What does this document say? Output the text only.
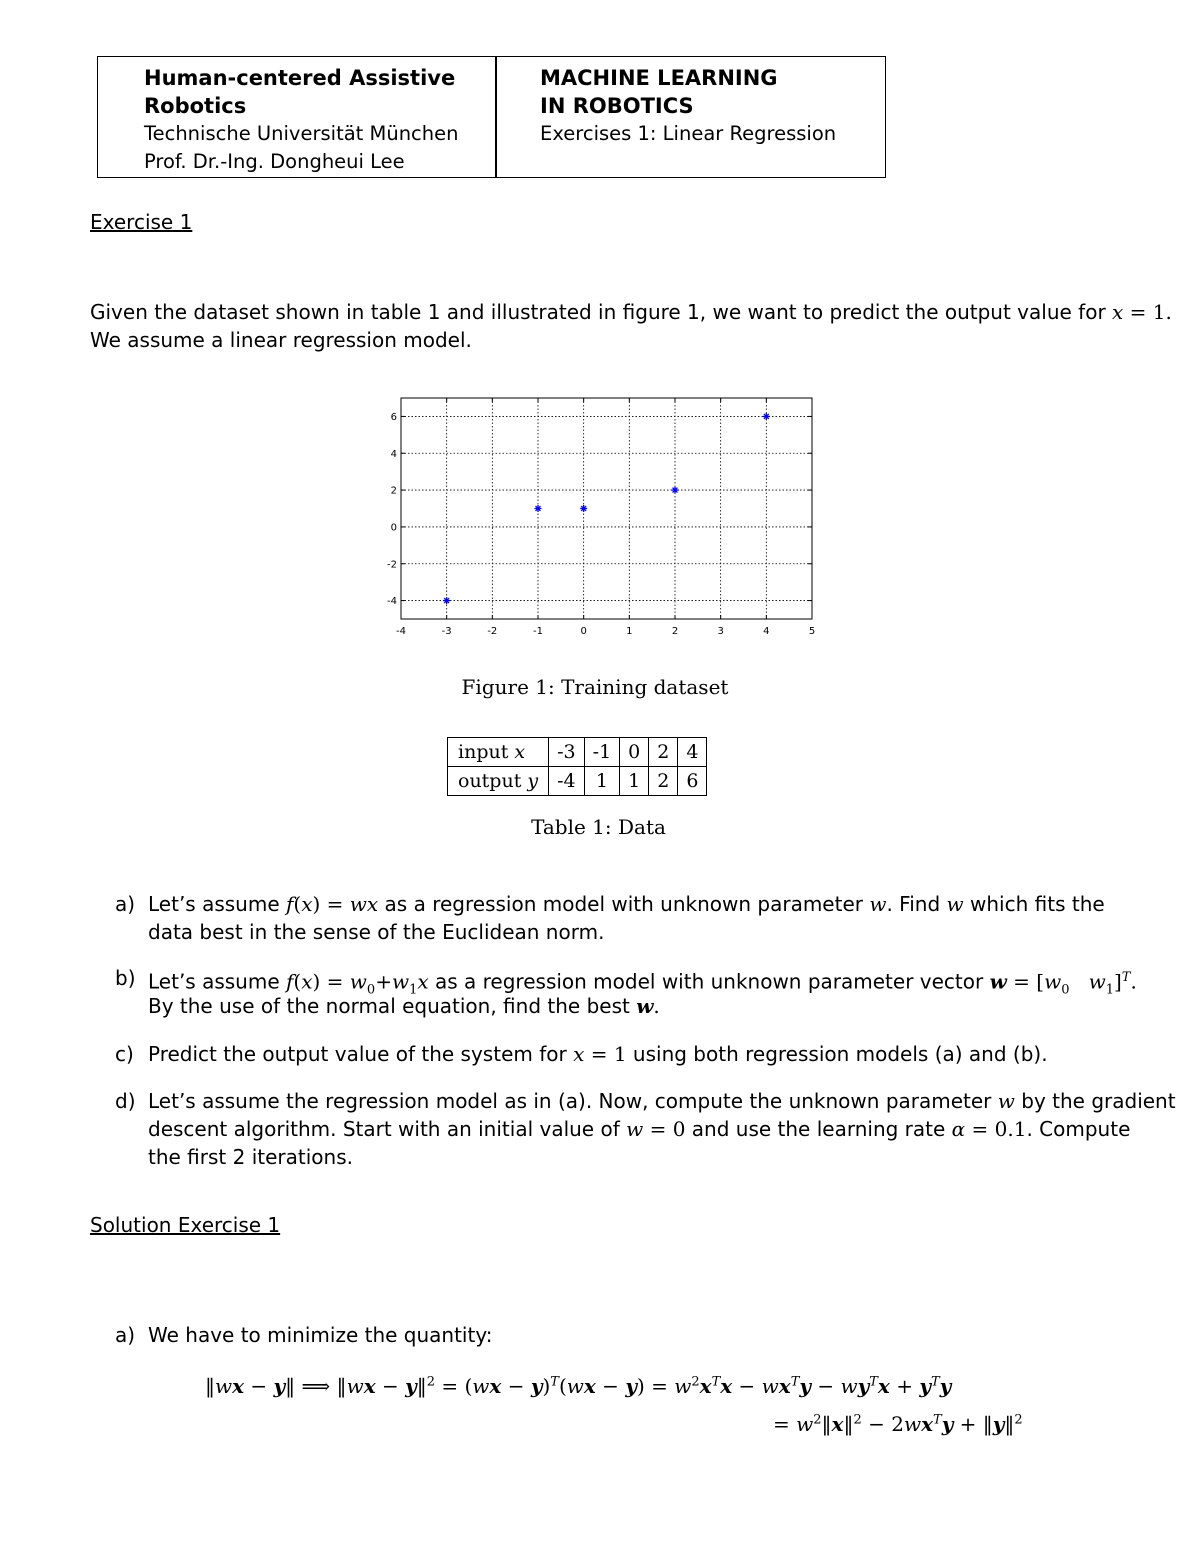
Human-centered Assistive
Robotics
Technische Universität München
Prof. Dr.-Ing. Dongheui Lee
MACHINE LEARNING
IN ROBOTICS
Exercises 1: Linear Regression
Exercise 1
Given the dataset shown in table 1 and illustrated in figure 1, we want to predict the output value for x = 1.
We assume a linear regression model.
-4	-3	-2	-1	0	1	2	3	4	5
-4
-2
0
2
4
6
Figure 1: Training dataset
input x	-3	-1	0	2	4
output y	-4	1	1	2	6
Table 1: Data
a) Let’s assume f(x) = wx as a regression model with unknown parameter w. Find w which fits the
data best in the sense of the Euclidean norm.
b) Let’s assume $f(x) = w_0+w_1x$ as a regression model with unknown parameter vector $w = [w_0$ $w_1]^T$.
By the use of the normal equation, find the best w.
c) Predict the output value of the system for x = 1 using both regression models (a) and (b).
d) Let’s assume the regression model as in (a). Now, compute the unknown parameter w by the gradient
descent algorithm. Start with an initial value of w = 0 and use the learning rate α = 0.1. Compute
the first 2 iterations.
Solution Exercise 1
a) We have to minimize the quantity:
‖wx − y‖ ⟹ ‖wx − y‖$^2$ = $(wx - y)^T(wx - y) = w^2x^Tx - wx^Ty - wy^Tx + y^Ty$
= $w^2‖x‖^2 - 2wx^Ty$ + ‖y‖$^2$
